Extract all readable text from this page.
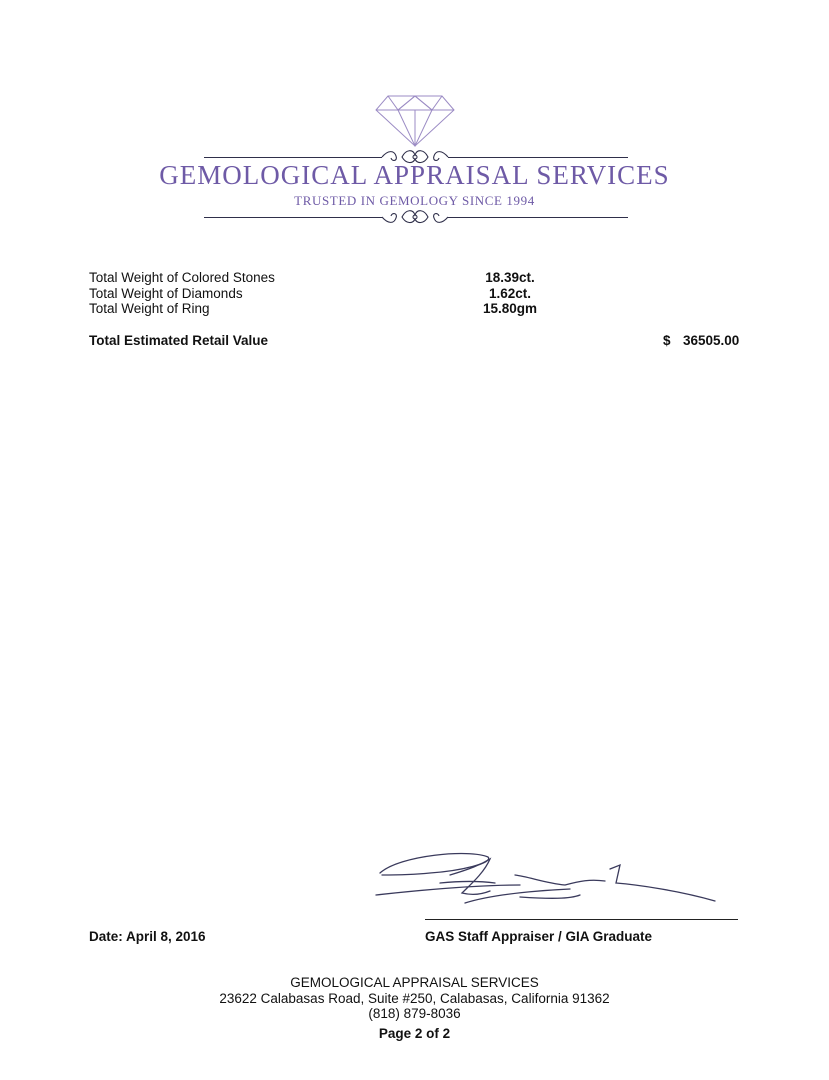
GEMOLOGICAL APPRAISAL SERVICES
TRUSTED IN GEMOLOGY SINCE 1994
Total Weight of Colored Stones	18.39ct.
Total Weight of Diamonds	1.62ct.
Total Weight of Ring	15.80gm
Total Estimated Retail Value	$ 36505.00
Date: April 8, 2016	GAS Staff Appraiser / GIA Graduate
GEMOLOGICAL APPRAISAL SERVICES
23622 Calabasas Road, Suite #250, Calabasas, California 91362
(818) 879-8036
Page 2 of 2
